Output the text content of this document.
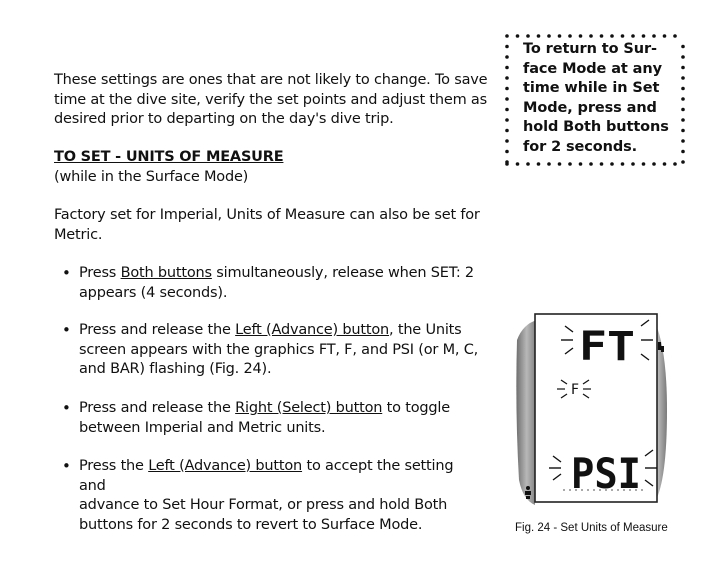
To return to Sur-
face Mode at any
time while in Set
Mode, press and
hold Both buttons
for 2 seconds.
These settings are ones that are not likely to change. To save
time at the dive site, verify the set points and adjust them as
desired prior to departing on the day's dive trip.
TO SET - UNITS OF MEASURE
(while in the Surface Mode)
Factory set for Imperial, Units of Measure can also be set for
Metric.
• Press Both buttons simultaneously, release when SET: 2
appears (4 seconds).
• Press and release the Left (Advance) button, the Units
screen appears with the graphics FT, F, and PSI (or M, C,
and BAR) flashing (Fig. 24).
• Press and release the Right (Select) button to toggle
between Imperial and Metric units.
• Press the Left (Advance) button to accept the setting and
advance to Set Hour Format, or press and hold Both
buttons for 2 seconds to revert to Surface Mode.
FT
F
PSI
Fig. 24 - Set Units of Measure
